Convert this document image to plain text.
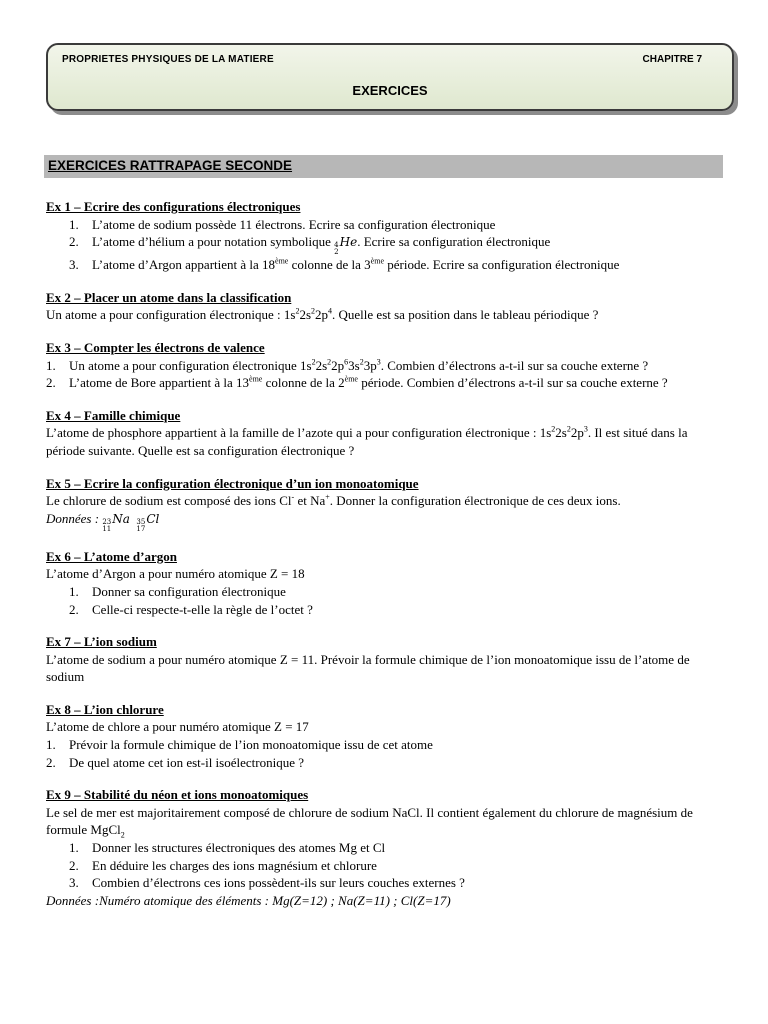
PROPRIETES PHYSIQUES DE LA MATIERE	CHAPITRE 7
EXERCICES
EXERCICES RATTRAPAGE SECONDE
Ex 1 – Ecrire des configurations électroniques
1.	L’atome de sodium possède 11 électrons. Ecrire sa configuration électronique
2.	L’atome d’hélium a pour notation symbolique 4
2
He. Ecrire sa configuration électronique
3.	L’atome d’Argon appartient à la 18ème colonne de la 3ème période. Ecrire sa configuration électronique
Ex 2 – Placer un atome dans la classification
Un atome a pour configuration électronique : $1s^22s^22p^4$. Quelle est sa position dans le tableau périodique ?
Ex 3 – Compter les électrons de valence
1.	Un atome a pour configuration électronique $1s^22s^22p^63s^23p^3$. Combien d’électrons a-t-il sur sa couche externe ?
2.	L’atome de Bore appartient à la 13ème colonne de la 2ème période. Combien d’électrons a-t-il sur sa couche externe ?
Ex 4 – Famille chimique
L’atome de phosphore appartient à la famille de l’azote qui a pour configuration électronique : $1s^22s^22p^3$. Il est situé dans la période suivante. Quelle est sa configuration électronique ?
Ex 5 – Ecrire la configuration électronique d’un ion monoatomique
Le chlorure de sodium est composé des ions Cl- et Na+. Donner la configuration électronique de ces deux ions.
Données : 23
11
Na 35
17
Cl
Ex 6 – L’atome d’argon
L’atome d’Argon a pour numéro atomique Z = 18
1.	Donner sa configuration électronique
2.	Celle-ci respecte-t-elle la règle de l’octet ?
Ex 7 – L’ion sodium
L’atome de sodium a pour numéro atomique Z = 11. Prévoir la formule chimique de l’ion monoatomique issu de l’atome de sodium
Ex 8 – L’ion chlorure
L’atome de chlore a pour numéro atomique Z = 17
1.	Prévoir la formule chimique de l’ion monoatomique issu de cet atome
2.	De quel atome cet ion est-il isoélectronique ?
Ex 9 – Stabilité du néon et ions monoatomiques
Le sel de mer est majoritairement composé de chlorure de sodium NaCl. Il contient également du chlorure de magnésium de formule MgCl$_2$
1.	Donner les structures électroniques des atomes Mg et Cl
2.	En déduire les charges des ions magnésium et chlorure
3.	Combien d’électrons ces ions possèdent-ils sur leurs couches externes ?
Données :Numéro atomique des éléments : Mg(Z=12) ; Na(Z=11) ; Cl(Z=17)
